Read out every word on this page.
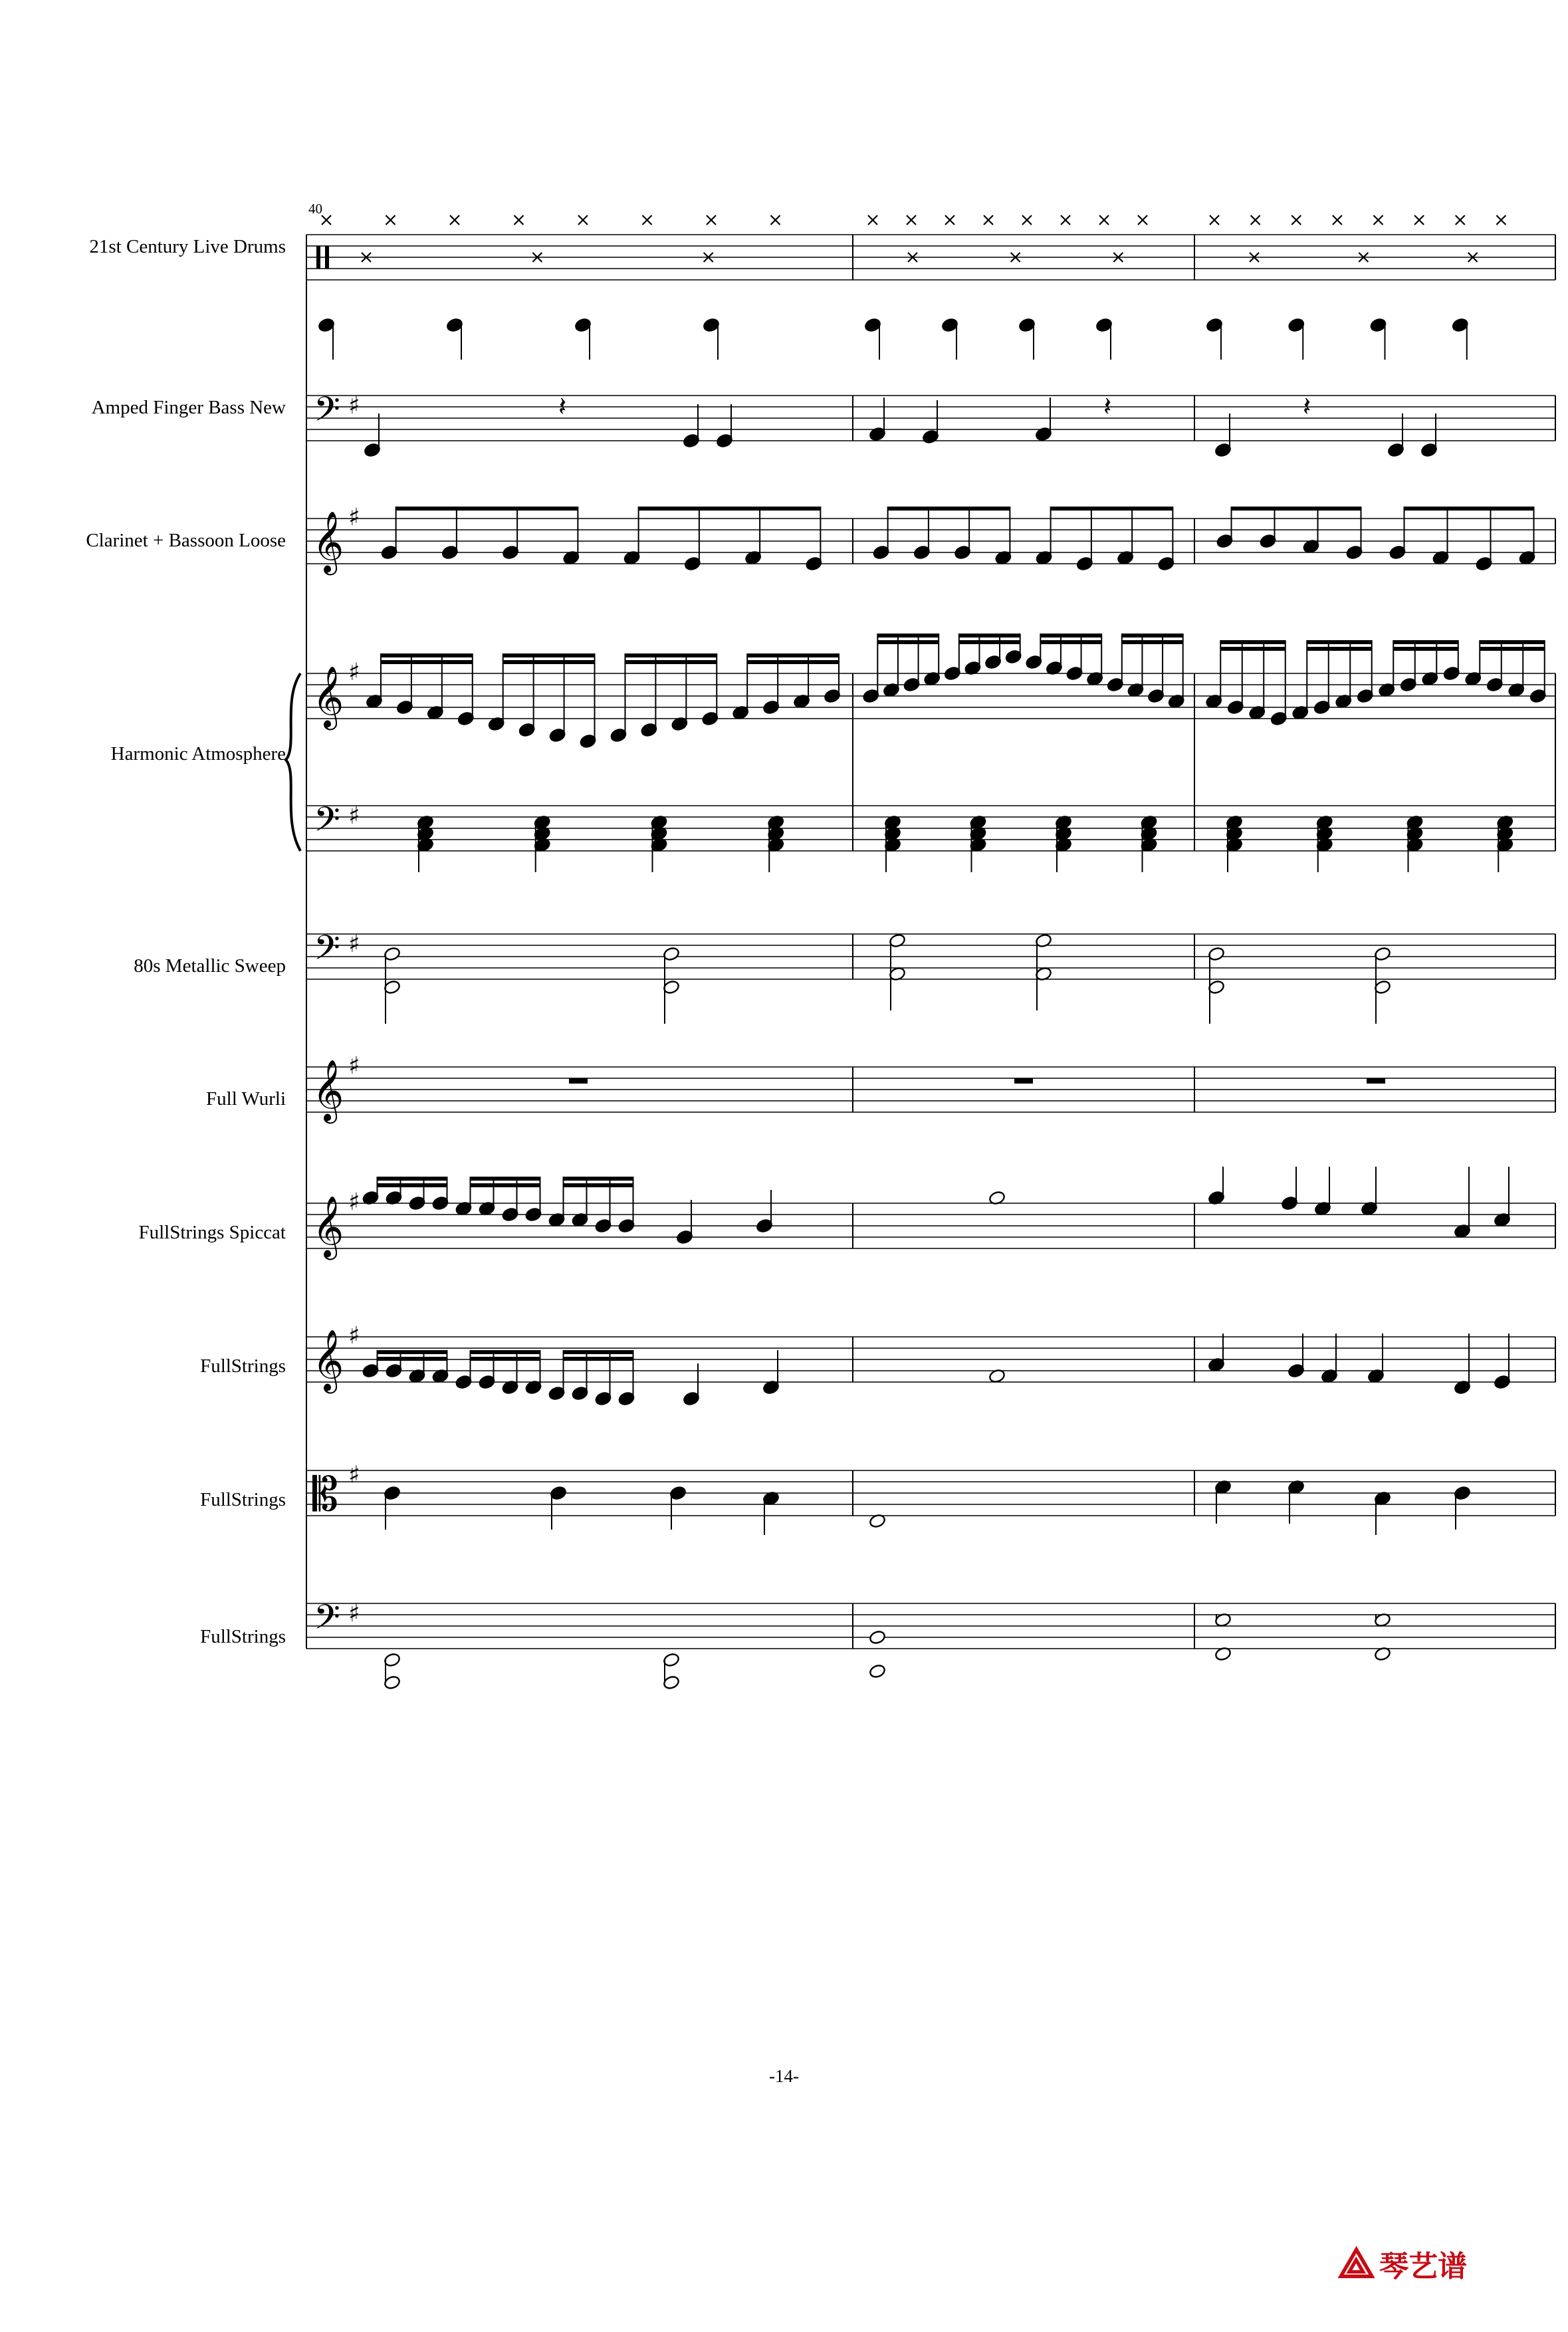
𝄢 ♯
𝄞 ♯
𝄞 ♯
𝄢 ♯
𝄢 ♯
𝄞 ♯
𝄞 ♯
𝄞 ♯
𝄡 ♯
𝄢 ♯
𝄽	𝄽	𝄽
40
21st Century Live Drums
Amped Finger Bass New
Clarinet + Bassoon Loose
Harmonic Atmosphere
80s Metallic Sweep
Full Wurli
FullStrings Spiccat
FullStrings
FullStrings
FullStrings
-14-
⟁ 琴艺谱
